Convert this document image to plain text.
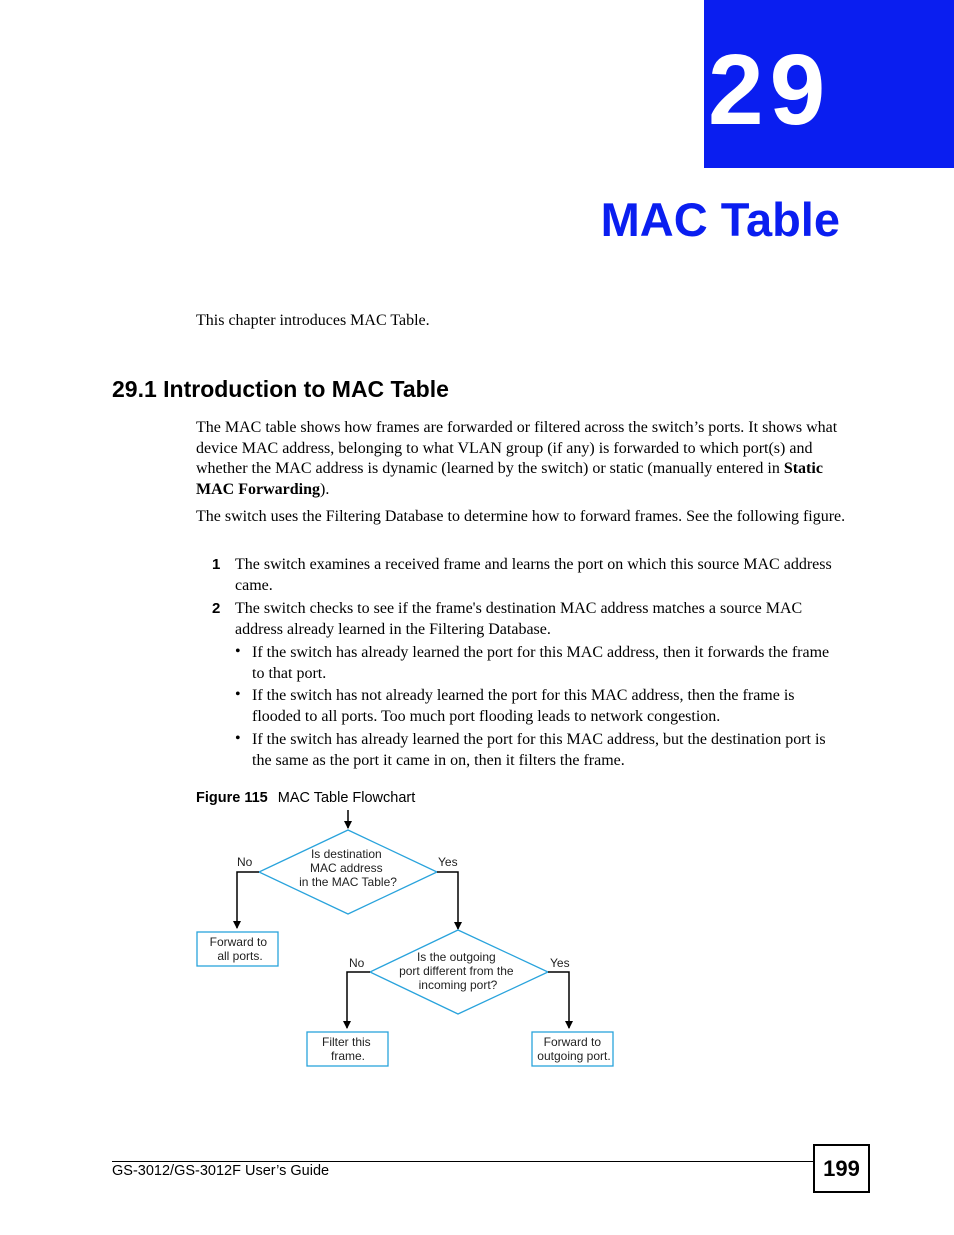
29
MAC Table
This chapter introduces MAC Table.
29.1 Introduction to MAC Table
The MAC table shows how frames are forwarded or filtered across the switch’s ports. It shows what device MAC address, belonging to what VLAN group (if any) is forwarded to which port(s) and whether the MAC address is dynamic (learned by the switch) or static (manually entered in Static MAC Forwarding).
The switch uses the Filtering Database to determine how to forward frames. See the following figure.
1 The switch examines a received frame and learns the port on which this source MAC address came.
2 The switch checks to see if the frame's destination MAC address matches a source MAC address already learned in the Filtering Database.
• If the switch has already learned the port for this MAC address, then it forwards the frame to that port.
• If the switch has not already learned the port for this MAC address, then the frame is flooded to all ports. Too much port flooding leads to network congestion.
• If the switch has already learned the port for this MAC address, but the destination port is the same as the port it came in on, then it filters the frame.
Figure 115 MAC Table Flowchart
Is destination MAC address in the MAC Table?
No	Yes
Forward to all ports.	Is the outgoing port different from the incoming port?
No	Yes
Filter this frame.
Forward to outgoing port.
GS-3012/GS-3012F User’s Guide	199
